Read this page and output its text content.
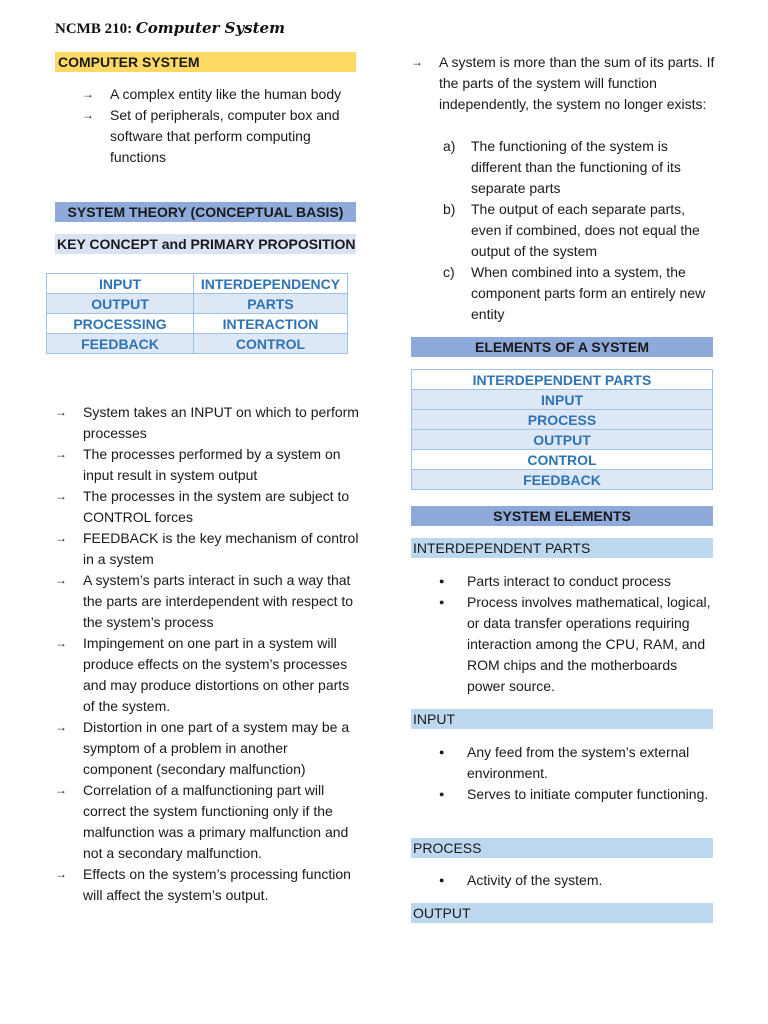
NCMB 210: Computer System
COMPUTER SYSTEM
→ A complex entity like the human body
→ Set of peripherals, computer box and software that perform computing functions
SYSTEM THEORY (CONCEPTUAL BASIS)
KEY CONCEPT and PRIMARY PROPOSITION
INPUT	INTERDEPENDENCY
OUTPUT	PARTS
PROCESSING	INTERACTION
FEEDBACK	CONTROL
→ System takes an INPUT on which to perform processes
→ The processes performed by a system on input result in system output
→ The processes in the system are subject to CONTROL forces
→ FEEDBACK is the key mechanism of control in a system
→ A system’s parts interact in such a way that the parts are interdependent with respect to the system’s process
→ Impingement on one part in a system will produce effects on the system’s processes and may produce distortions on other parts of the system.
→ Distortion in one part of a system may be a symptom of a problem in another component (secondary malfunction)
→ Correlation of a malfunctioning part will correct the system functioning only if the malfunction was a primary malfunction and not a secondary malfunction.
→ Effects on the system’s processing function will affect the system’s output.
→ A system is more than the sum of its parts. If the parts of the system will function independently, the system no longer exists:
a) The functioning of the system is different than the functioning of its separate parts
b) The output of each separate parts, even if combined, does not equal the output of the system
c) When combined into a system, the component parts form an entirely new entity
ELEMENTS OF A SYSTEM
INTERDEPENDENT PARTS
INPUT
PROCESS
OUTPUT
CONTROL
FEEDBACK
SYSTEM ELEMENTS
INTERDEPENDENT PARTS
● Parts interact to conduct process
● Process involves mathematical, logical, or data transfer operations requiring interaction among the CPU, RAM, and ROM chips and the motherboards power source.
INPUT
● Any feed from the system’s external environment.
● Serves to initiate computer functioning.
PROCESS
● Activity of the system.
OUTPUT
